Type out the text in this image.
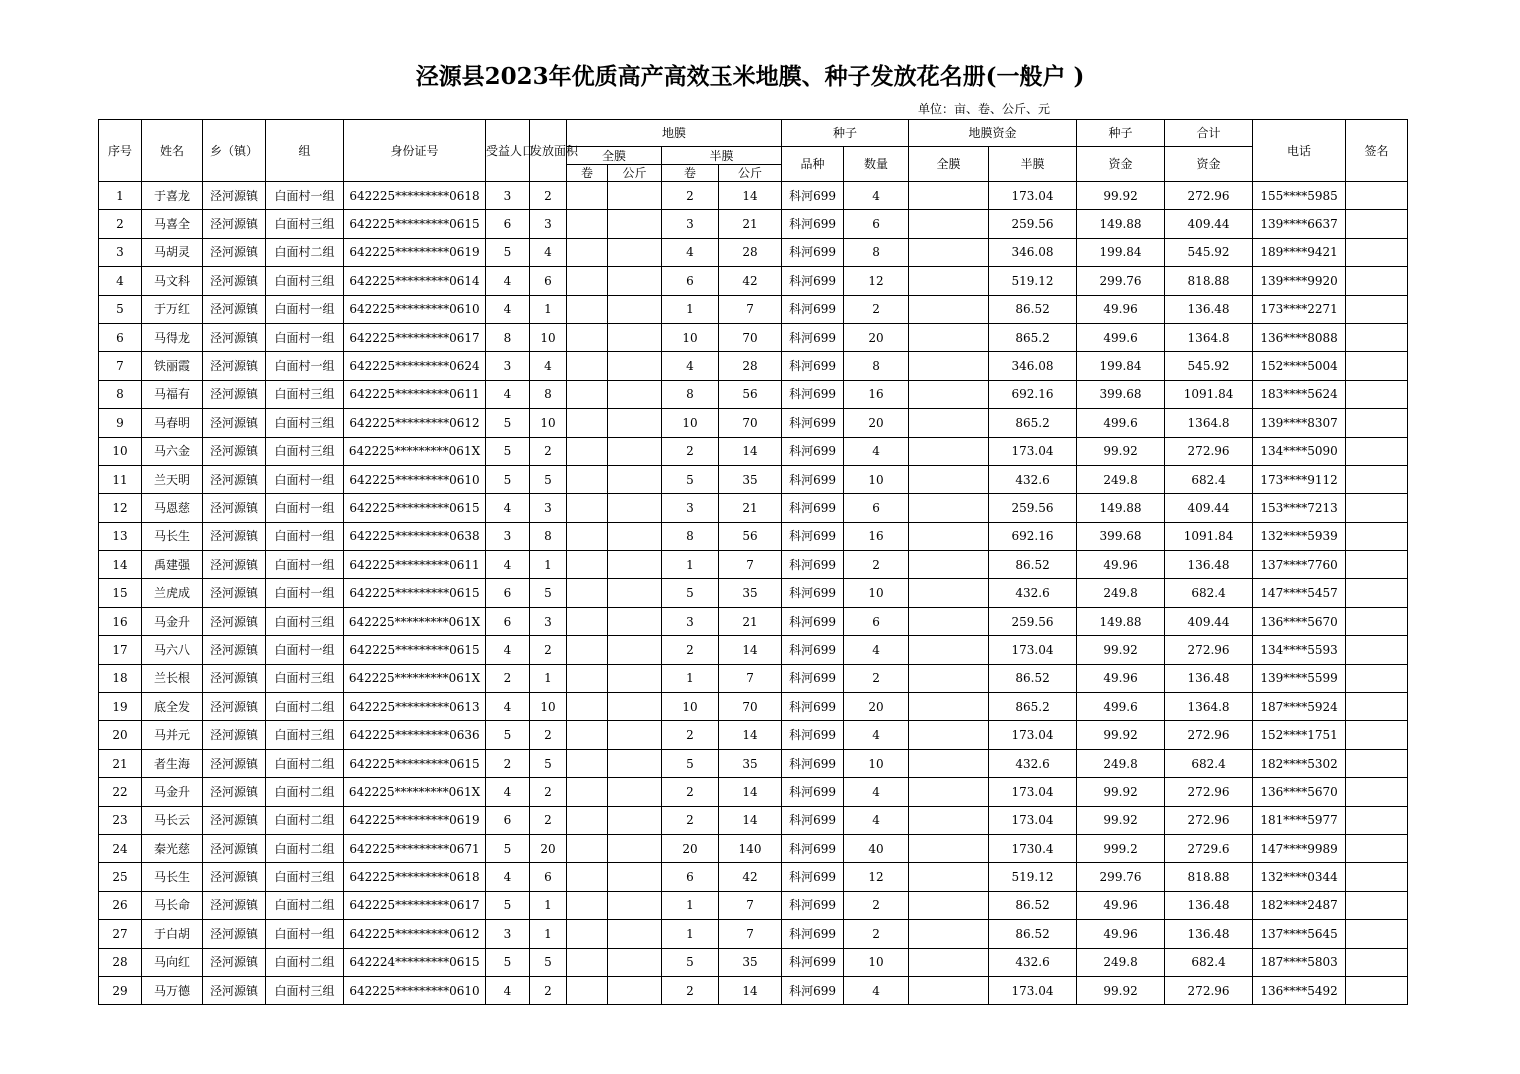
泾源县2023年优质高产高效玉米地膜、种子发放花名册(一般户 )
单位：亩、卷、公斤、元
序号	姓名	乡（镇）	组	身份证号	受益人口	发放面积	地膜				种子		地膜资金		种子	合计	电话	签名
							全膜		半膜		品种	数量	全膜	半膜	资金	资金		
							卷	公斤	卷	公斤								
1	于喜龙	泾河源镇	白面村一组	642225*********0618	3	2			2	14	科河699	4		173.04	99.92	272.96	155****5985	
2	马喜全	泾河源镇	白面村三组	642225*********0615	6	3			3	21	科河699	6		259.56	149.88	409.44	139****6637	
3	马胡灵	泾河源镇	白面村二组	642225*********0619	5	4			4	28	科河699	8		346.08	199.84	545.92	189****9421	
4	马文科	泾河源镇	白面村三组	642225*********0614	4	6			6	42	科河699	12		519.12	299.76	818.88	139****9920	
5	于万红	泾河源镇	白面村一组	642225*********0610	4	1			1	7	科河699	2		86.52	49.96	136.48	173****2271	
6	马得龙	泾河源镇	白面村一组	642225*********0617	8	10			10	70	科河699	20		865.2	499.6	1364.8	136****8088	
7	铁丽霞	泾河源镇	白面村一组	642225*********0624	3	4			4	28	科河699	8		346.08	199.84	545.92	152****5004	
8	马福有	泾河源镇	白面村三组	642225*********0611	4	8			8	56	科河699	16		692.16	399.68	1091.84	183****5624	
9	马春明	泾河源镇	白面村三组	642225*********0612	5	10			10	70	科河699	20		865.2	499.6	1364.8	139****8307	
10	马六金	泾河源镇	白面村三组	642225*********061X	5	2			2	14	科河699	4		173.04	99.92	272.96	134****5090	
11	兰天明	泾河源镇	白面村一组	642225*********0610	5	5			5	35	科河699	10		432.6	249.8	682.4	173****9112	
12	马恩慈	泾河源镇	白面村一组	642225*********0615	4	3			3	21	科河699	6		259.56	149.88	409.44	153****7213	
13	马长生	泾河源镇	白面村一组	642225*********0638	3	8			8	56	科河699	16		692.16	399.68	1091.84	132****5939	
14	禹建强	泾河源镇	白面村一组	642225*********0611	4	1			1	7	科河699	2		86.52	49.96	136.48	137****7760	
15	兰虎成	泾河源镇	白面村一组	642225*********0615	6	5			5	35	科河699	10		432.6	249.8	682.4	147****5457	
16	马金升	泾河源镇	白面村三组	642225*********061X	6	3			3	21	科河699	6		259.56	149.88	409.44	136****5670	
17	马六八	泾河源镇	白面村一组	642225*********0615	4	2			2	14	科河699	4		173.04	99.92	272.96	134****5593	
18	兰长根	泾河源镇	白面村三组	642225*********061X	2	1			1	7	科河699	2		86.52	49.96	136.48	139****5599	
19	底全发	泾河源镇	白面村二组	642225*********0613	4	10			10	70	科河699	20		865.2	499.6	1364.8	187****5924	
20	马并元	泾河源镇	白面村三组	642225*********0636	5	2			2	14	科河699	4		173.04	99.92	272.96	152****1751	
21	者生海	泾河源镇	白面村二组	642225*********0615	2	5			5	35	科河699	10		432.6	249.8	682.4	182****5302	
22	马金升	泾河源镇	白面村二组	642225*********061X	4	2			2	14	科河699	4		173.04	99.92	272.96	136****5670	
23	马长云	泾河源镇	白面村二组	642225*********0619	6	2			2	14	科河699	4		173.04	99.92	272.96	181****5977	
24	秦光慈	泾河源镇	白面村二组	642225*********0671	5	20			20	140	科河699	40		1730.4	999.2	2729.6	147****9989	
25	马长生	泾河源镇	白面村三组	642225*********0618	4	6			6	42	科河699	12		519.12	299.76	818.88	132****0344	
26	马长命	泾河源镇	白面村二组	642225*********0617	5	1			1	7	科河699	2		86.52	49.96	136.48	182****2487	
27	于白胡	泾河源镇	白面村一组	642225*********0612	3	1			1	7	科河699	2		86.52	49.96	136.48	137****5645	
28	马向红	泾河源镇	白面村二组	642224*********0615	5	5			5	35	科河699	10		432.6	249.8	682.4	187****5803	
29	马万德	泾河源镇	白面村三组	642225*********0610	4	2			2	14	科河699	4		173.04	99.92	272.96	136****5492	
